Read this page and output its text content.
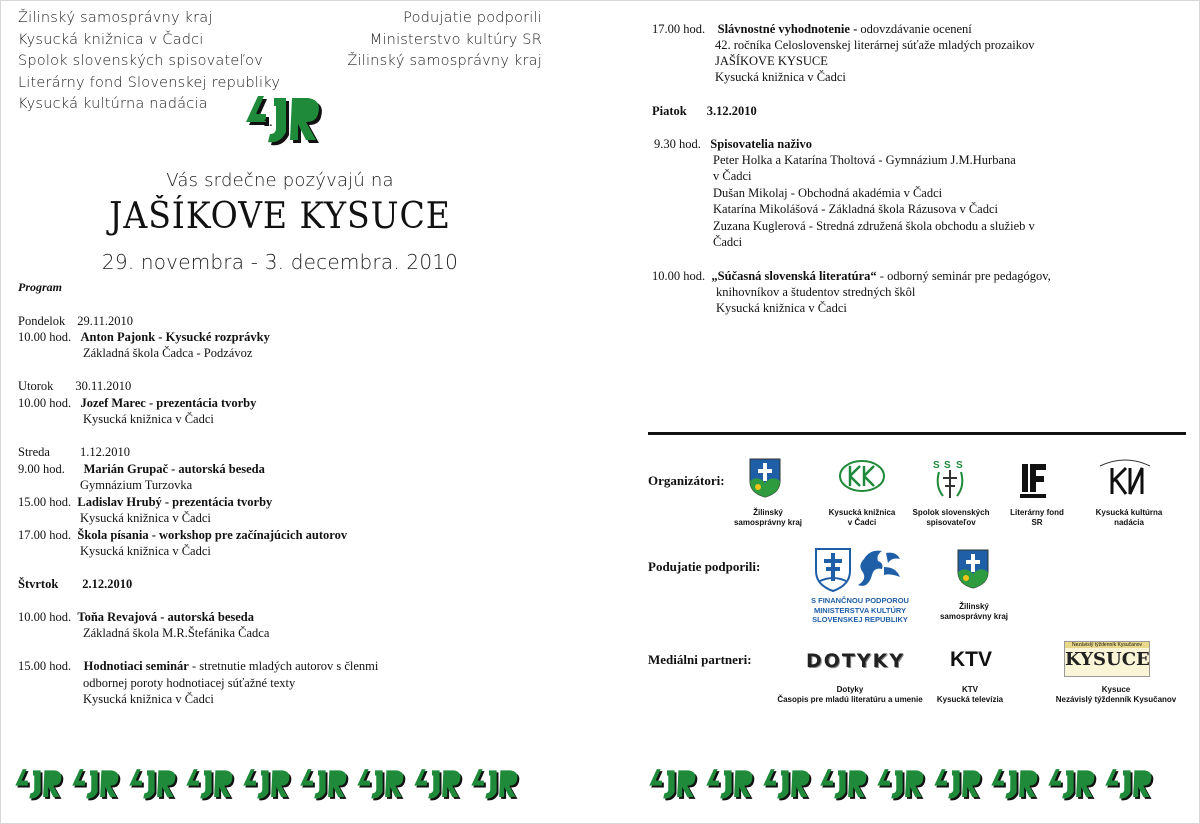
Žilinský samosprávny kraj
Kysucká knižnica v Čadci
Spolok slovenských spisovateľov
Literárny fond Slovenskej republiky
Kysucká kultúrna nadácia
Podujatie podporili
Ministerstvo kultúry SR
Žilinský samosprávny kraj
2.
Vás srdečne pozývajú na
JAŠÍKOVE KYSUCE
29. novembra - 3. decembra. 2010
Program
Pondelok 29.11.2010
10.00 hod. Anton Pajonk - Kysucké rozprávky
Základná škola Čadca - Podzávoz
Utorok 30.11.2010
10.00 hod. Jozef Marec - prezentácia tvorby
Kysucká knižnica v Čadci
Streda 1.12.2010
9.00 hod. Marián Grupač - autorská beseda
Gymnázium Turzovka
15.00 hod. Ladislav Hrubý - prezentácia tvorby
Kysucká knižnica v Čadci
17.00 hod. Škola písania - workshop pre začínajúcich autorov
Kysucká knižnica v Čadci
Štvrtok 2.12.2010
10.00 hod. Toňa Revajová - autorská beseda
Základná škola M.R.Štefánika Čadca
15.00 hod. Hodnotiaci seminár - stretnutie mladých autorov s členmi
odbornej poroty hodnotiacej súťažné texty
Kysucká knižnica v Čadci
17.00 hod. Slávnostné vyhodnotenie - odovzdávanie ocenení
42. ročníka Celoslovenskej literárnej súťaže mladých prozaikov
JAŠÍKOVE KYSUCE
Kysucká knižnica v Čadci
Piatok 3.12.2010
9.30 hod. Spisovatelia naživo
Peter Holka a Katarína Tholtová - Gymnázium J.M.Hurbana
v Čadci
Dušan Mikolaj - Obchodná akadémia v Čadci
Katarína Mikolášová - Základná škola Rázusova v Čadci
Zuzana Kuglerová - Stredná združená škola obchodu a služieb v
Čadci
10.00 hod. „Súčasná slovenská literatúra“ - odborný seminár pre pedagógov,
knihovníkov a študentov stredných škôl
Kysucká knižnica v Čadci
Organizátori:
S S S
Žilinský
samosprávny kraj
Kysucká knižnica
v Čadci
Spolok slovenských
spisovateľov
Literárny fond
SR
Kysucká kultúrna
nadácia
Podujatie podporili:
S FINANČNOU PODPOROU
MINISTERSTVA KULTÚRY
SLOVENSKEJ REPUBLIKY
Žilinský
samosprávny kraj
Mediálni partneri:	DOTYKY KTV
Nezávislý týždenník Kysučanov
KYSUCE
Dotyky
Časopis pre mladú literatúru a umenie
KTV
Kysucká televízia
Kysuce
Nezávislý týždenník Kysučanov
